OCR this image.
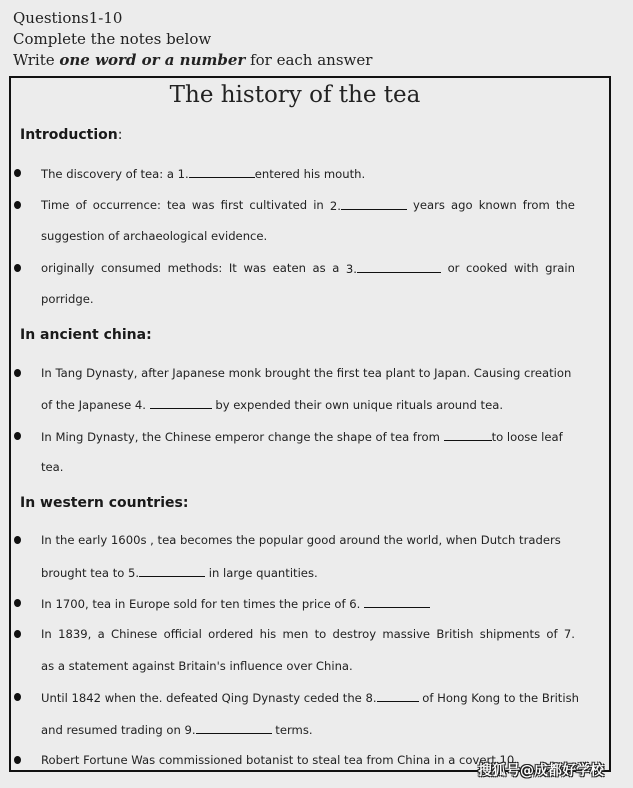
Questions1-10
Complete the notes below
Write one word or a number for each answer
The history of the tea
Introduction:
The discovery of tea: a 1.	entered his mouth.
Time of occurrence: tea was first cultivated in 2.	years ago known from the
suggestion of archaeological evidence.
originally consumed methods: It was eaten as a 3.	or cooked with grain
porridge.
In ancient china:
In Tang Dynasty, after Japanese monk brought the first tea plant to Japan. Causing creation
of the Japanese 4.	by expended their own unique rituals around tea.
In Ming Dynasty, the Chinese emperor change the shape of tea from	to loose leaf
tea.
In western countries:
In the early 1600s , tea becomes the popular good around the world, when Dutch traders
brought tea to 5.	in large quantities.
In 1700, tea in Europe sold for ten times the price of 6.
In 1839, a Chinese official ordered his men to destroy massive British shipments of 7.
as a statement against Britain's influence over China.
Until 1842 when the. defeated Qing Dynasty ceded the 8.	of Hong Kong to the British
and resumed trading on 9.	terms.
Robert Fortune Was commissioned botanist to steal tea from China in a covert 10
搜狐号@成都好学校
